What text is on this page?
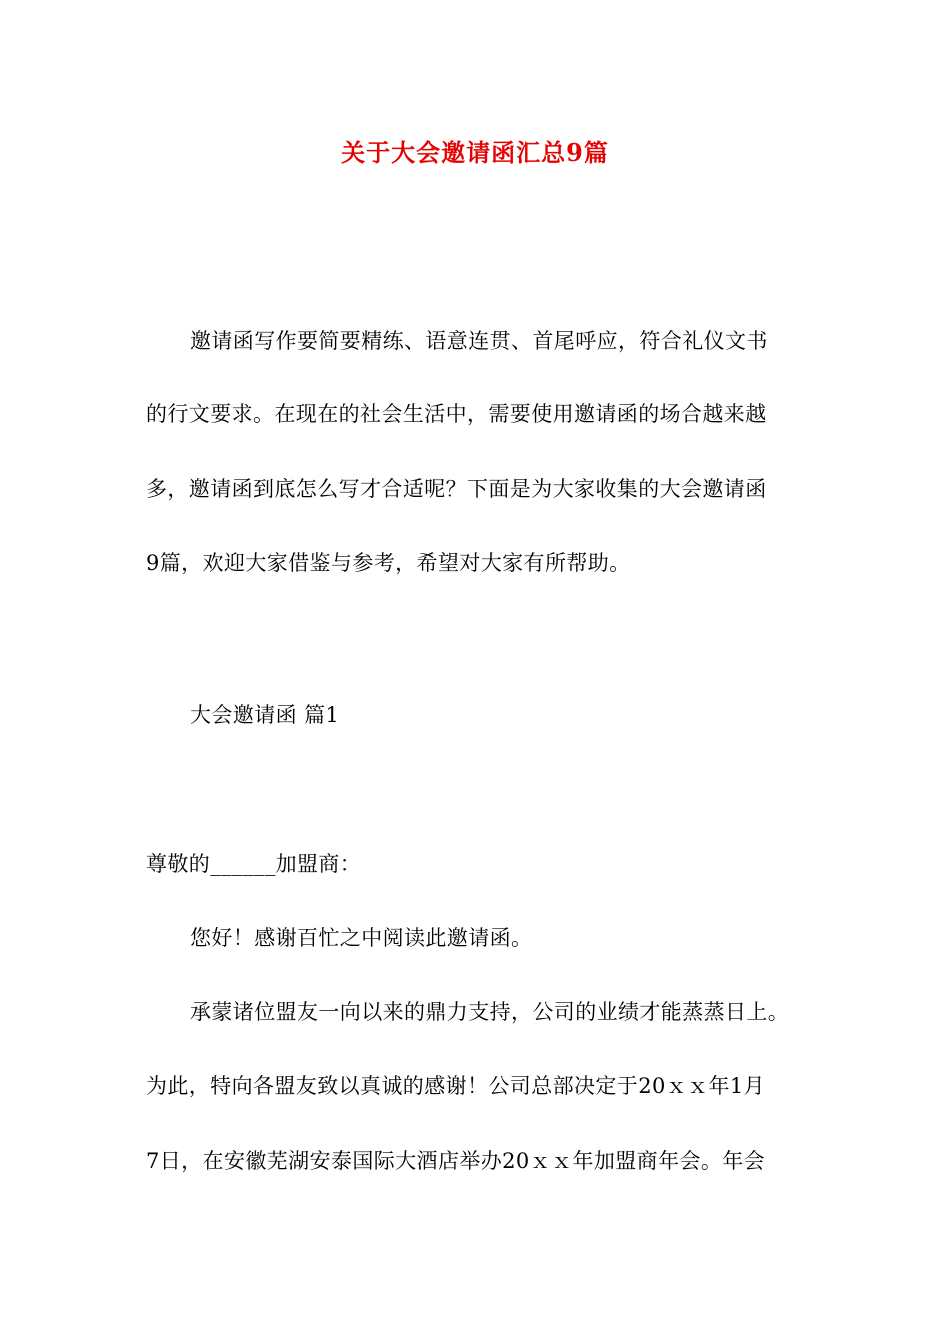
关于大会邀请函汇总9篇
邀请函写作要简要精练、语意连贯、首尾呼应，符合礼仪文书
的行文要求。在现在的社会生活中，需要使用邀请函的场合越来越
多，邀请函到底怎么写才合适呢？下面是为大家收集的大会邀请函
9篇，欢迎大家借鉴与参考，希望对大家有所帮助。
大会邀请函 篇1
尊敬的______加盟商：
您好！感谢百忙之中阅读此邀请函。
承蒙诸位盟友一向以来的鼎力支持，公司的业绩才能蒸蒸日上。
为此，特向各盟友致以真诚的感谢！公司总部决定于20ｘｘ年1月
7日，在安徽芜湖安泰国际大酒店举办20ｘｘ年加盟商年会。年会
